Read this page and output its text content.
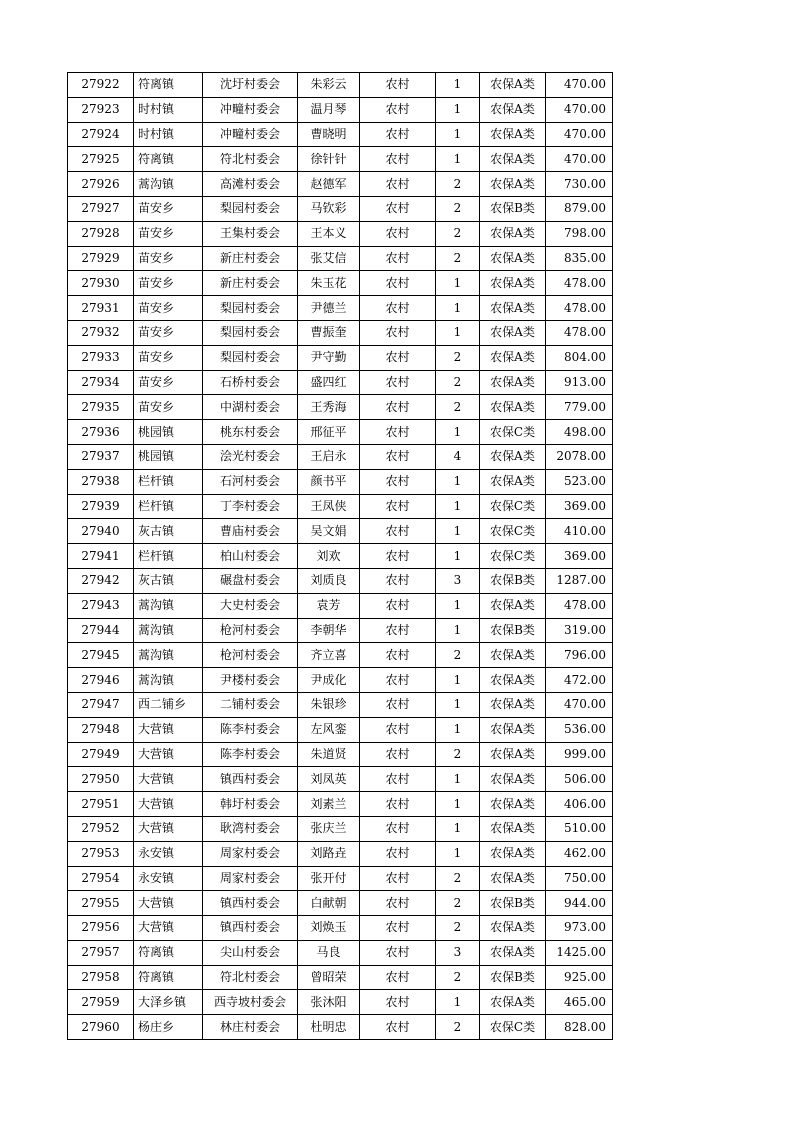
27922	符离镇	沈圩村委会	朱彩云	农村	1	农保A类	470.00
27923	时村镇	冲疃村委会	温月琴	农村	1	农保A类	470.00
27924	时村镇	冲疃村委会	曹晓明	农村	1	农保A类	470.00
27925	符离镇	符北村委会	徐针针	农村	1	农保A类	470.00
27926	蒿沟镇	高滩村委会	赵德军	农村	2	农保A类	730.00
27927	苗安乡	梨园村委会	马钦彩	农村	2	农保B类	879.00
27928	苗安乡	王集村委会	王本义	农村	2	农保A类	798.00
27929	苗安乡	新庄村委会	张艾信	农村	2	农保A类	835.00
27930	苗安乡	新庄村委会	朱玉花	农村	1	农保A类	478.00
27931	苗安乡	梨园村委会	尹德兰	农村	1	农保A类	478.00
27932	苗安乡	梨园村委会	曹振奎	农村	1	农保A类	478.00
27933	苗安乡	梨园村委会	尹守勤	农村	2	农保A类	804.00
27934	苗安乡	石桥村委会	盛四红	农村	2	农保A类	913.00
27935	苗安乡	中湖村委会	王秀海	农村	2	农保A类	779.00
27936	桃园镇	桃东村委会	邢征平	农村	1	农保C类	498.00
27937	桃园镇	浍光村委会	王启永	农村	4	农保A类	2078.00
27938	栏杆镇	石河村委会	颜书平	农村	1	农保A类	523.00
27939	栏杆镇	丁李村委会	王凤侠	农村	1	农保C类	369.00
27940	灰古镇	曹庙村委会	吴文娟	农村	1	农保C类	410.00
27941	栏杆镇	柏山村委会	刘欢	农村	1	农保C类	369.00
27942	灰古镇	碾盘村委会	刘质良	农村	3	农保B类	1287.00
27943	蒿沟镇	大史村委会	袁芳	农村	1	农保A类	478.00
27944	蒿沟镇	枪河村委会	李朝华	农村	1	农保B类	319.00
27945	蒿沟镇	枪河村委会	齐立喜	农村	2	农保A类	796.00
27946	蒿沟镇	尹楼村委会	尹成化	农村	1	农保A类	472.00
27947	西二铺乡	二铺村委会	朱银珍	农村	1	农保A类	470.00
27948	大营镇	陈李村委会	左风銮	农村	1	农保A类	536.00
27949	大营镇	陈李村委会	朱道贤	农村	2	农保A类	999.00
27950	大营镇	镇西村委会	刘凤英	农村	1	农保A类	506.00
27951	大营镇	韩圩村委会	刘素兰	农村	1	农保A类	406.00
27952	大营镇	耿湾村委会	张庆兰	农村	1	农保A类	510.00
27953	永安镇	周家村委会	刘路垚	农村	1	农保A类	462.00
27954	永安镇	周家村委会	张开付	农村	2	农保A类	750.00
27955	大营镇	镇西村委会	白献朝	农村	2	农保B类	944.00
27956	大营镇	镇西村委会	刘焕玉	农村	2	农保A类	973.00
27957	符离镇	尖山村委会	马良	农村	3	农保A类	1425.00
27958	符离镇	符北村委会	曾昭荣	农村	2	农保B类	925.00
27959	大泽乡镇	西寺坡村委会	张沐阳	农村	1	农保A类	465.00
27960	杨庄乡	林庄村委会	杜明忠	农村	2	农保C类	828.00
